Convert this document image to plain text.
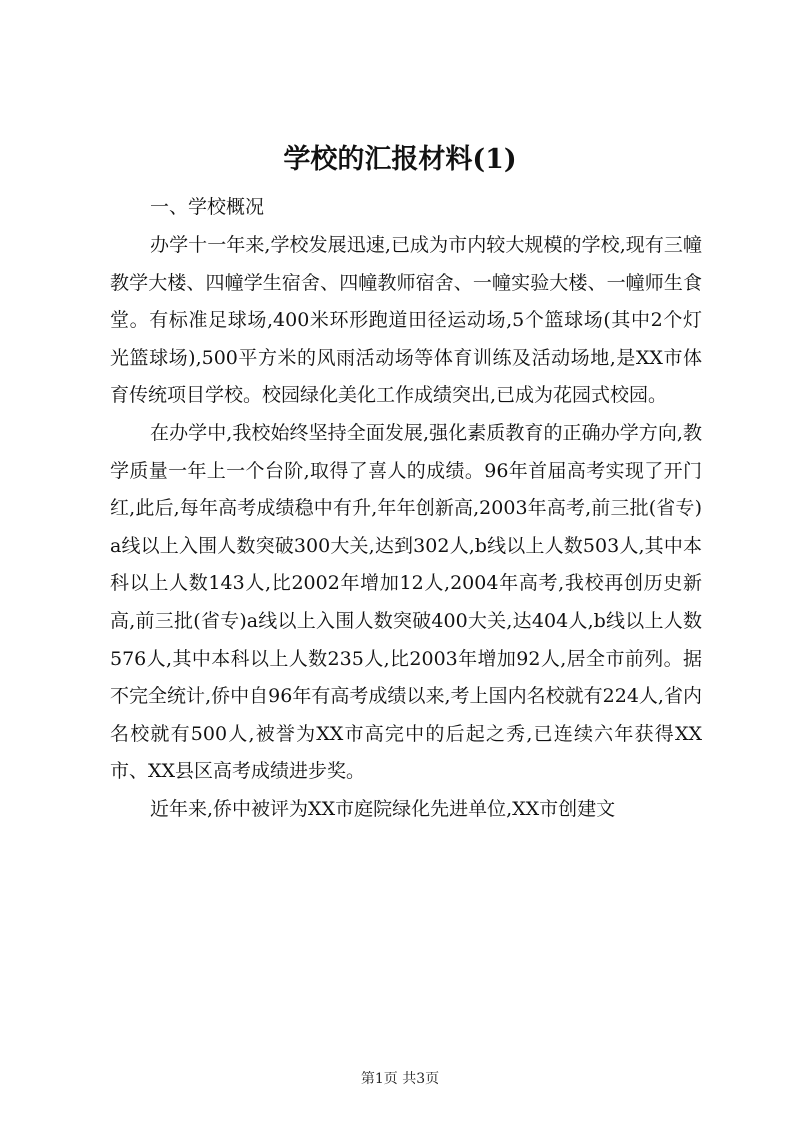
学校的汇报材料(1)

一、学校概况

办学十一年来,学校发展迅速,已成为市内较大规模的学校,现有三幢教学大楼、四幢学生宿舍、四幢教师宿舍、一幢实验大楼、一幢师生食堂。有标准足球场,400米环形跑道田径运动场,5个篮球场(其中2个灯光篮球场),500平方米的风雨活动场等体育训练及活动场地,是XX市体育传统项目学校。校园绿化美化工作成绩突出,已成为花园式校园。

在办学中,我校始终坚持全面发展,强化素质教育的正确办学方向,教学质量一年上一个台阶,取得了喜人的成绩。96年首届高考实现了开门红,此后,每年高考成绩稳中有升,年年创新高,2003年高考,前三批(省专)a线以上入围人数突破300大关,达到302人,b线以上人数503人,其中本科以上人数143人,比2002年增加12人,2004年高考,我校再创历史新高,前三批(省专)a线以上入围人数突破400大关,达404人,b线以上人数576人,其中本科以上人数235人,比2003年增加92人,居全市前列。据不完全统计,侨中自96年有高考成绩以来,考上国内名校就有224人,省内名校就有500人,被誉为XX市高完中的后起之秀,已连续六年获得XX市、XX县区高考成绩进步奖。

近年来,侨中被评为XX市庭院绿化先进单位,XX市创建文

第1页 共3页
